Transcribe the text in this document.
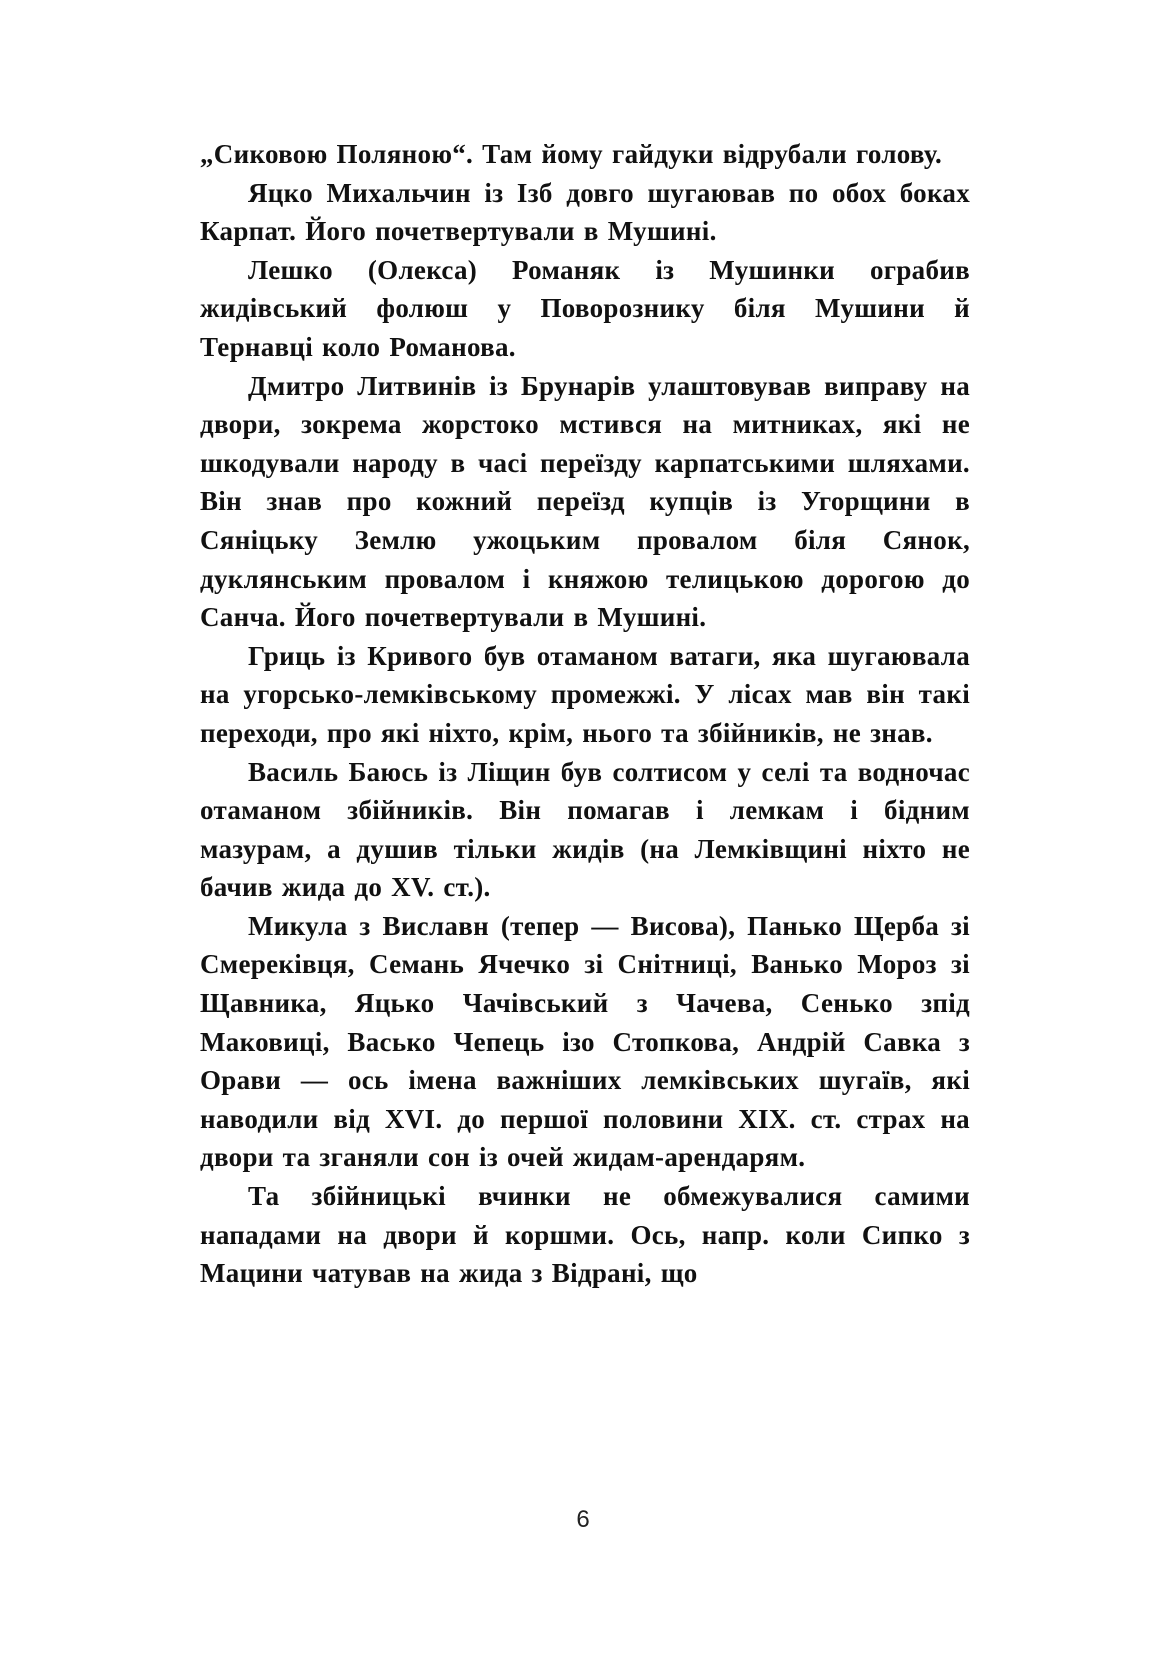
„Сиковою Поляною“. Там йому гайдуки відрубали голову.

Яцко Михальчин із Ізб довго шугаював по обох боках Карпат. Його почетвертували в Мушині.

Лешко (Олекса) Романяк із Мушинки ограбив жидівський фолюш у Поворознику біля Мушини й Тернавці коло Романова.

Дмитро Литвинів із Брунарів улаштовував виправу на двори, зокрема жорстоко мстився на митниках, які не шкодували народу в часі переїзду карпатськими шляхами. Він знав про кожний переїзд купців із Угорщини в Сяніцьку Землю ужоцьким провалом біля Сянок, дуклянським провалом і княжою телицькою дорогою до Санча. Його почетвертували в Мушині.

Гриць із Кривого був отаманом ватаги, яка шугаювала на угорсько-лемківському промежжі. У лісах мав він такі переходи, про які ніхто, крім, нього та збійників, не знав.

Василь Баюсь із Ліщин був солтисом у селі та водночас отаманом збійників. Він помагав і лемкам і бідним мазурам, а душив тільки жидів (на Лемківщині ніхто не бачив жида до XV. ст.).

Микула з Виславн (тепер — Висова), Панько Щерба зі Смереківця, Семань Ячечко зі Снітниці, Ванько Мороз зі Щавника, Яцько Чачівський з Чачева, Сенько зпід Маковиці, Васько Чепець ізо Стопкова, Андрій Савка з Орави — ось імена важніших лемківських шугаїв, які наводили від XVI. до першої половини XIX. ст. страх на двори та зганяли сон із очей жидам-арендарям.

Та збійницькі вчинки не обмежувалися самими нападами на двори й коршми. Ось, напр. коли Сипко з Мацини чатував на жида з Відрані, що

6
